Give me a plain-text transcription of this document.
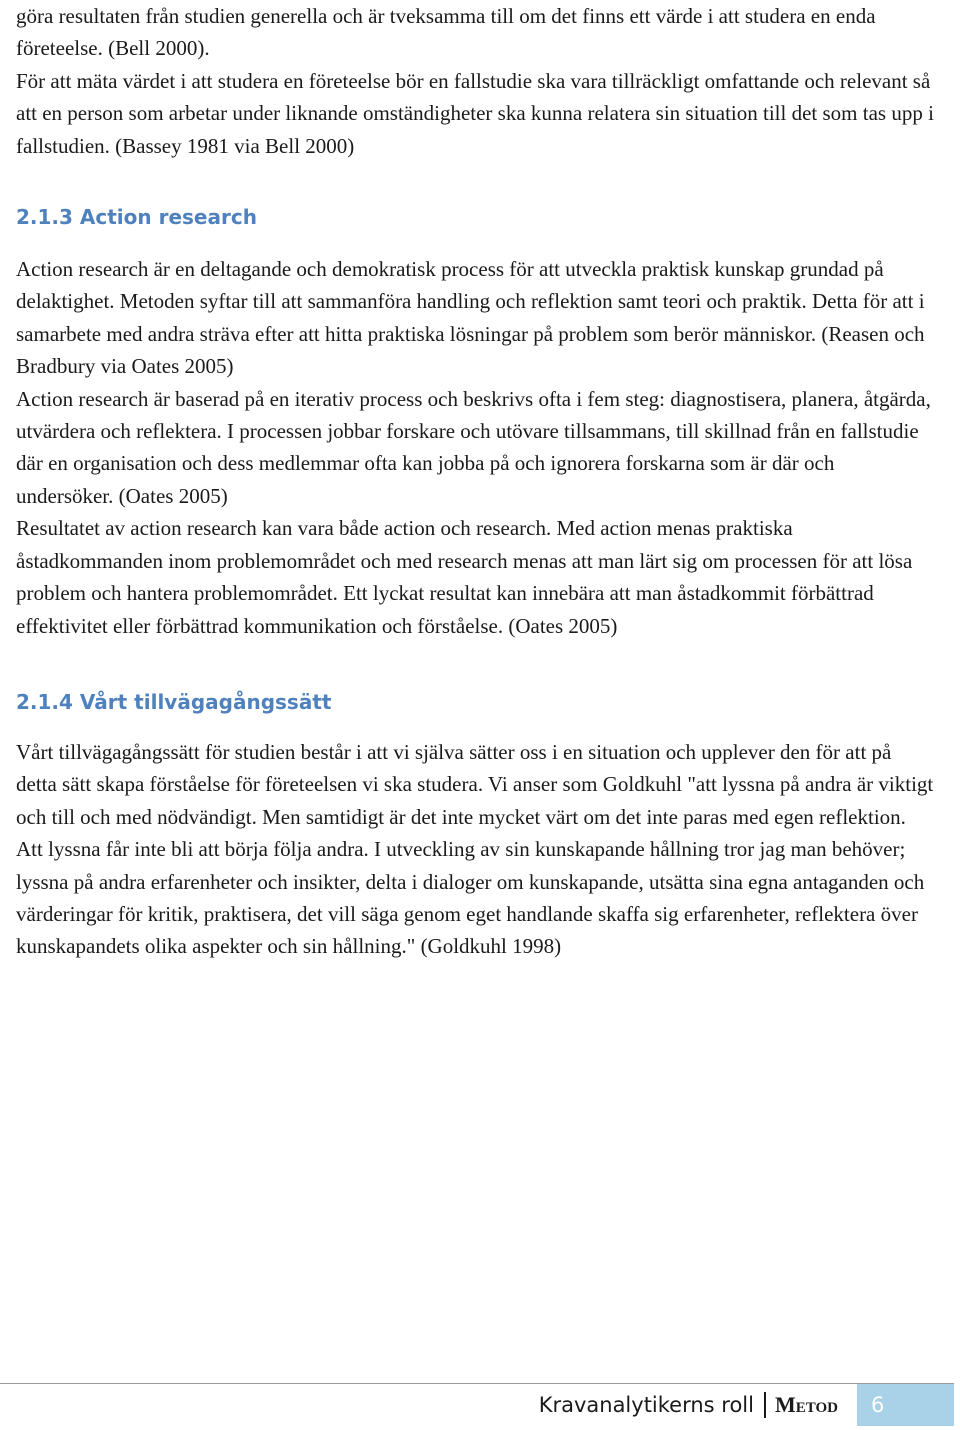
göra resultaten från studien generella och är tveksamma till om det finns ett värde i att studera en enda företeelse. (Bell 2000).

För att mäta värdet i att studera en företeelse bör en fallstudie ska vara tillräckligt omfattande och relevant så att en person som arbetar under liknande omständigheter ska kunna relatera sin situation till det som tas upp i fallstudien. (Bassey 1981 via Bell 2000)

2.1.3 Action research

Action research är en deltagande och demokratisk process för att utveckla praktisk kunskap grundad på delaktighet. Metoden syftar till att sammanföra handling och reflektion samt teori och praktik. Detta för att i samarbete med andra sträva efter att hitta praktiska lösningar på problem som berör människor. (Reasen och Bradbury via Oates 2005)

Action research är baserad på en iterativ process och beskrivs ofta i fem steg: diagnostisera, planera, åtgärda, utvärdera och reflektera. I processen jobbar forskare och utövare tillsammans, till skillnad från en fallstudie där en organisation och dess medlemmar ofta kan jobba på och ignorera forskarna som är där och undersöker. (Oates 2005)

Resultatet av action research kan vara både action och research. Med action menas praktiska åstadkommanden inom problemområdet och med research menas att man lärt sig om processen för att lösa problem och hantera problemområdet. Ett lyckat resultat kan innebära att man åstadkommit förbättrad effektivitet eller förbättrad kommunikation och förståelse. (Oates 2005)

2.1.4 Vårt tillvägagångssätt

Vårt tillvägagångssätt för studien består i att vi själva sätter oss i en situation och upplever den för att på detta sätt skapa förståelse för företeelsen vi ska studera. Vi anser som Goldkuhl "att lyssna på andra är viktigt och till och med nödvändigt. Men samtidigt är det inte mycket värt om det inte paras med egen reflektion. Att lyssna får inte bli att börja följa andra. I utveckling av sin kunskapande hållning tror jag man behöver; lyssna på andra erfarenheter och insikter, delta i dialoger om kunskapande, utsätta sina egna antaganden och värderingar för kritik, praktisera, det vill säga genom eget handlande skaffa sig erfarenheter, reflektera över kunskapandets olika aspekter och sin hållning." (Goldkuhl 1998)

Kravanalytikerns roll Metod 6
